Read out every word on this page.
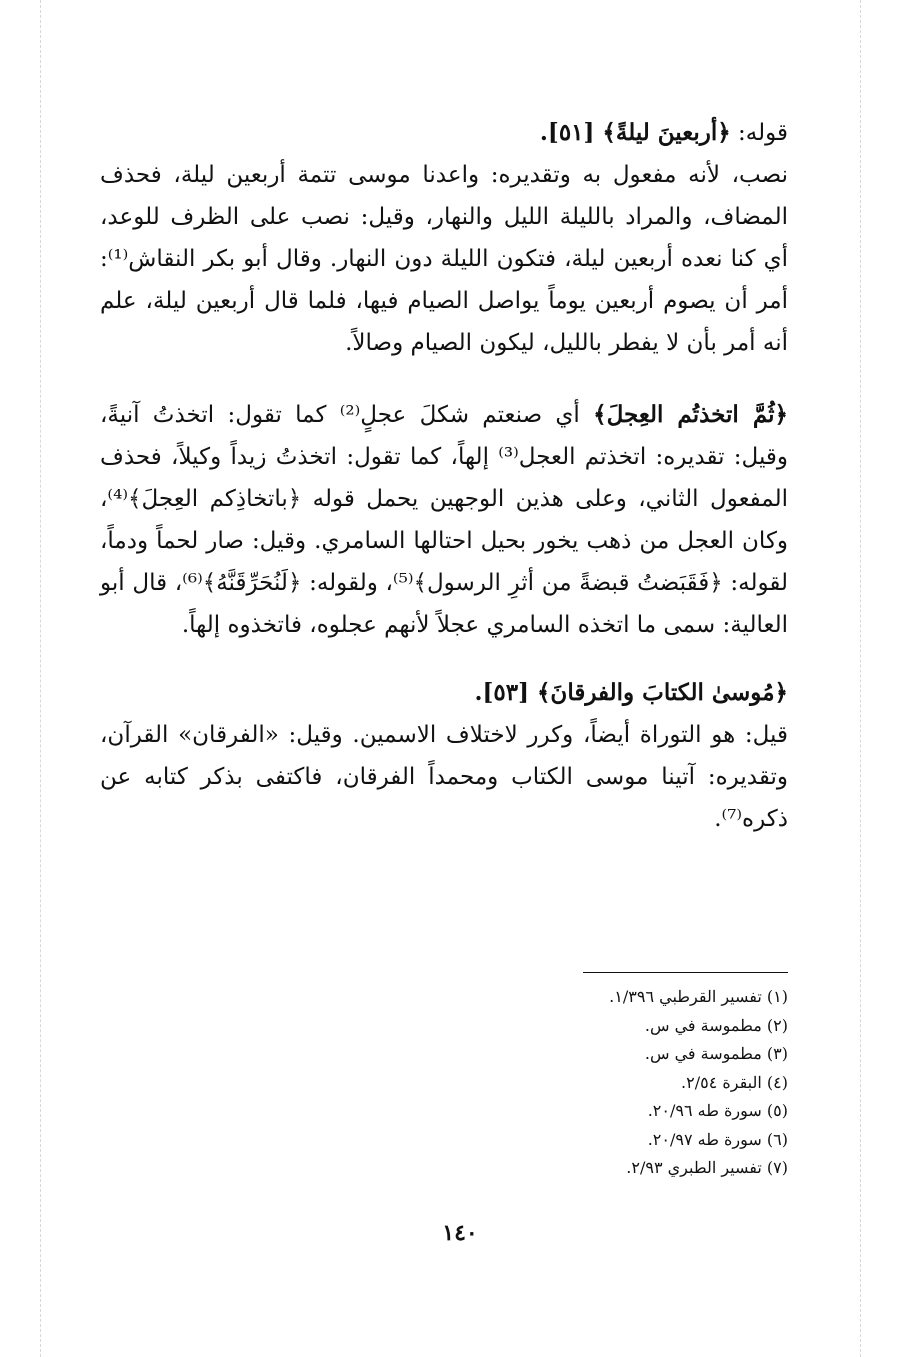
قوله: ﴿أربعينَ ليلةً﴾ [٥١].

نصب، لأنه مفعول به وتقديره: واعدنا موسى تتمة أربعين ليلة، فحذف المضاف، والمراد بالليلة الليل والنهار، وقيل: نصب على الظرف للوعد، أي كنا نعده أربعين ليلة، فتكون الليلة دون النهار. وقال أبو بكر النقاش⁽¹⁾: أمر أن يصوم أربعين يوماً يواصل الصيام فيها، فلما قال أربعين ليلة، علم أنه أمر بأن لا يفطر بالليل، ليكون الصيام وصالاً.

﴿ثُمَّ اتخذتُم العِجلَ﴾ أي صنعتم شكلَ عجلٍ⁽²⁾ كما تقول: اتخذتُ آنيةً، وقيل: تقديره: اتخذتم العجل⁽³⁾ إلهاً، كما تقول: اتخذتُ زيداً وكيلاً، فحذف المفعول الثاني، وعلى هذين الوجهين يحمل قوله ﴿باتخاذِكم العِجلَ﴾⁽⁴⁾، وكان العجل من ذهب يخور بحيل احتالها السامري. وقيل: صار لحماً ودماً، لقوله: ﴿فَقَبَضتُ قبضةً من أثرِ الرسول﴾⁽⁵⁾، ولقوله: ﴿لَنُحَرِّقَنَّهُ﴾⁽⁶⁾، قال أبو العالية: سمى ما اتخذه السامري عجلاً لأنهم عجلوه، فاتخذوه إلهاً.

﴿مُوسىٰ الكتابَ والفرقانَ﴾ [٥٣].

قيل: هو التوراة أيضاً، وكرر لاختلاف الاسمين. وقيل: «الفرقان» القرآن، وتقديره: آتينا موسى الكتاب ومحمداً الفرقان، فاكتفى بذكر كتابه عن ذكره⁽⁷⁾.

(١) تفسير القرطبي ١/٣٩٦.

(٢) مطموسة في س.

(٣) مطموسة في س.

(٤) البقرة ٢/٥٤.

(٥) سورة طه ٢٠/٩٦.

(٦) سورة طه ٢٠/٩٧.

(٧) تفسير الطبري ٢/٩٣.

١٤٠
